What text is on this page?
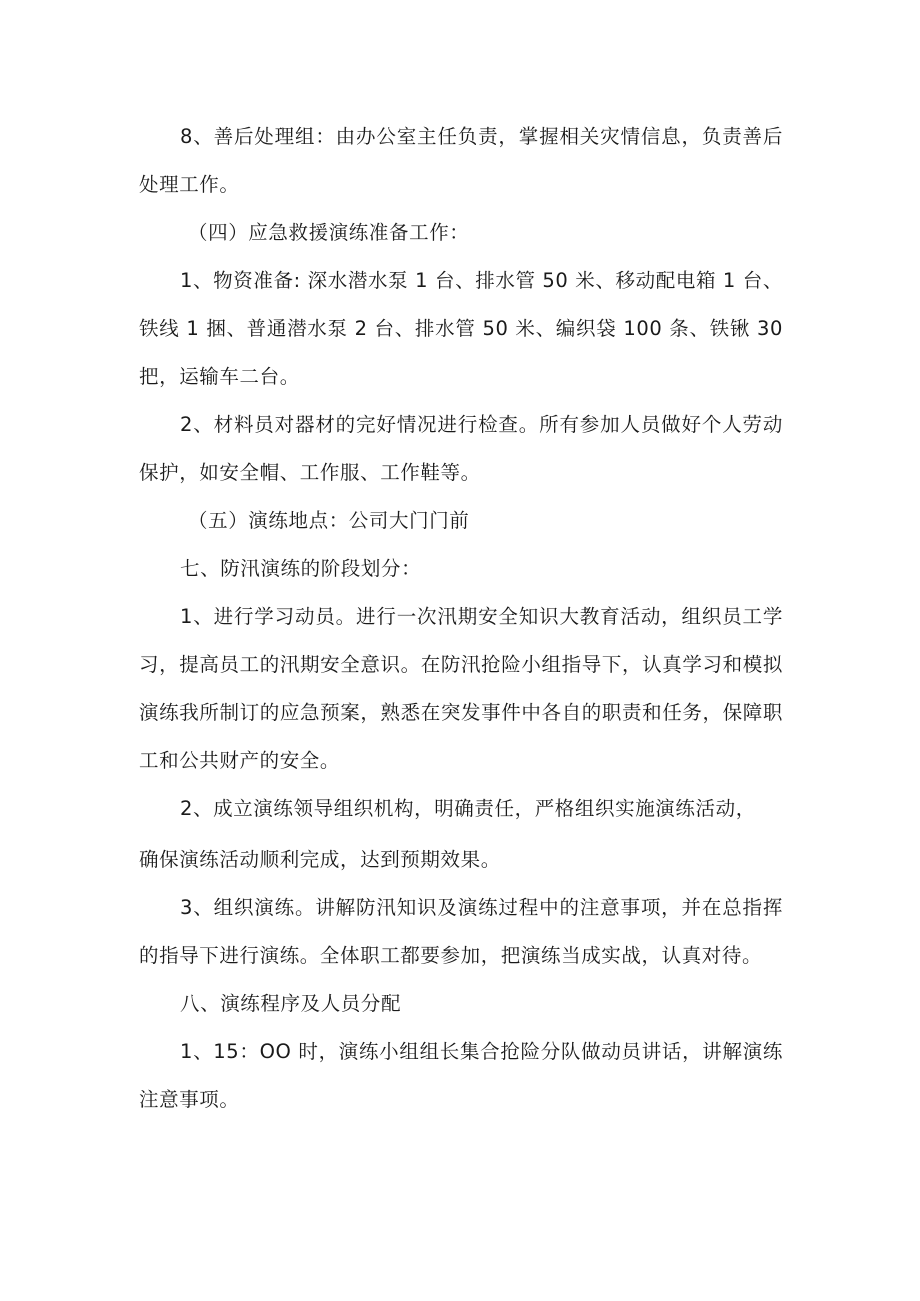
8、善后处理组：由办公室主任负责，掌握相关灾情信息，负责善后处理工作。

（四）应急救援演练准备工作：

1、物资准备: 深水潜水泵 1 台、排水管 50 米、移动配电箱 1 台、铁线 1 捆、普通潜水泵 2 台、排水管 50 米、编织袋 100 条、铁锹 30 把，运输车二台。

2、材料员对器材的完好情况进行检查。所有参加人员做好个人劳动保护，如安全帽、工作服、工作鞋等。

（五）演练地点：公司大门门前

七、防汛演练的阶段划分：

1、进行学习动员。进行一次汛期安全知识大教育活动，组织员工学习，提高员工的汛期安全意识。在防汛抢险小组指导下，认真学习和模拟演练我所制订的应急预案，熟悉在突发事件中各自的职责和任务，保障职工和公共财产的安全。

2、成立演练领导组织机构，明确责任，严格组织实施演练活动，

确保演练活动顺利完成，达到预期效果。

3、组织演练。讲解防汛知识及演练过程中的注意事项，并在总指挥的指导下进行演练。全体职工都要参加，把演练当成实战，认真对待。

八、演练程序及人员分配

1、15：OO 时，演练小组组长集合抢险分队做动员讲话，讲解演练注意事项。
